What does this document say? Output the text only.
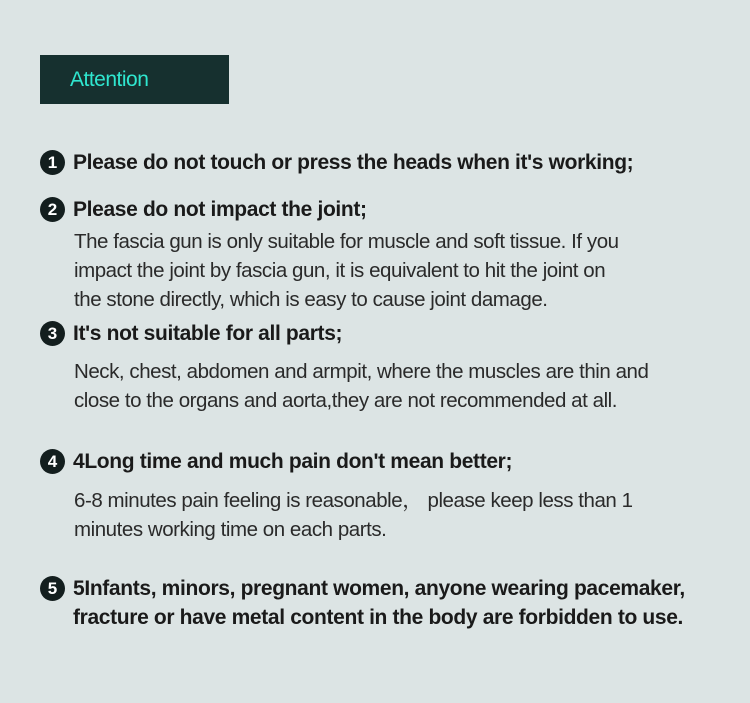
Attention
1 Please do not touch or press the heads when it's working;
2 Please do not impact the joint;
The fascia gun is only suitable for muscle and soft tissue. If you
impact the joint by fascia gun, it is equivalent to hit the joint on
the stone directly, which is easy to cause joint damage.
3 It's not suitable for all parts;
Neck, chest, abdomen and armpit, where the muscles are thin and
close to the organs and aorta,they are not recommended at all.
4 4Long time and much pain don't mean better;
6-8 minutes pain feeling is reasonable， please keep less than 1
minutes working time on each parts.
5 5Infants, minors, pregnant women, anyone wearing pacemaker,
fracture or have metal content in the body are forbidden to use.
